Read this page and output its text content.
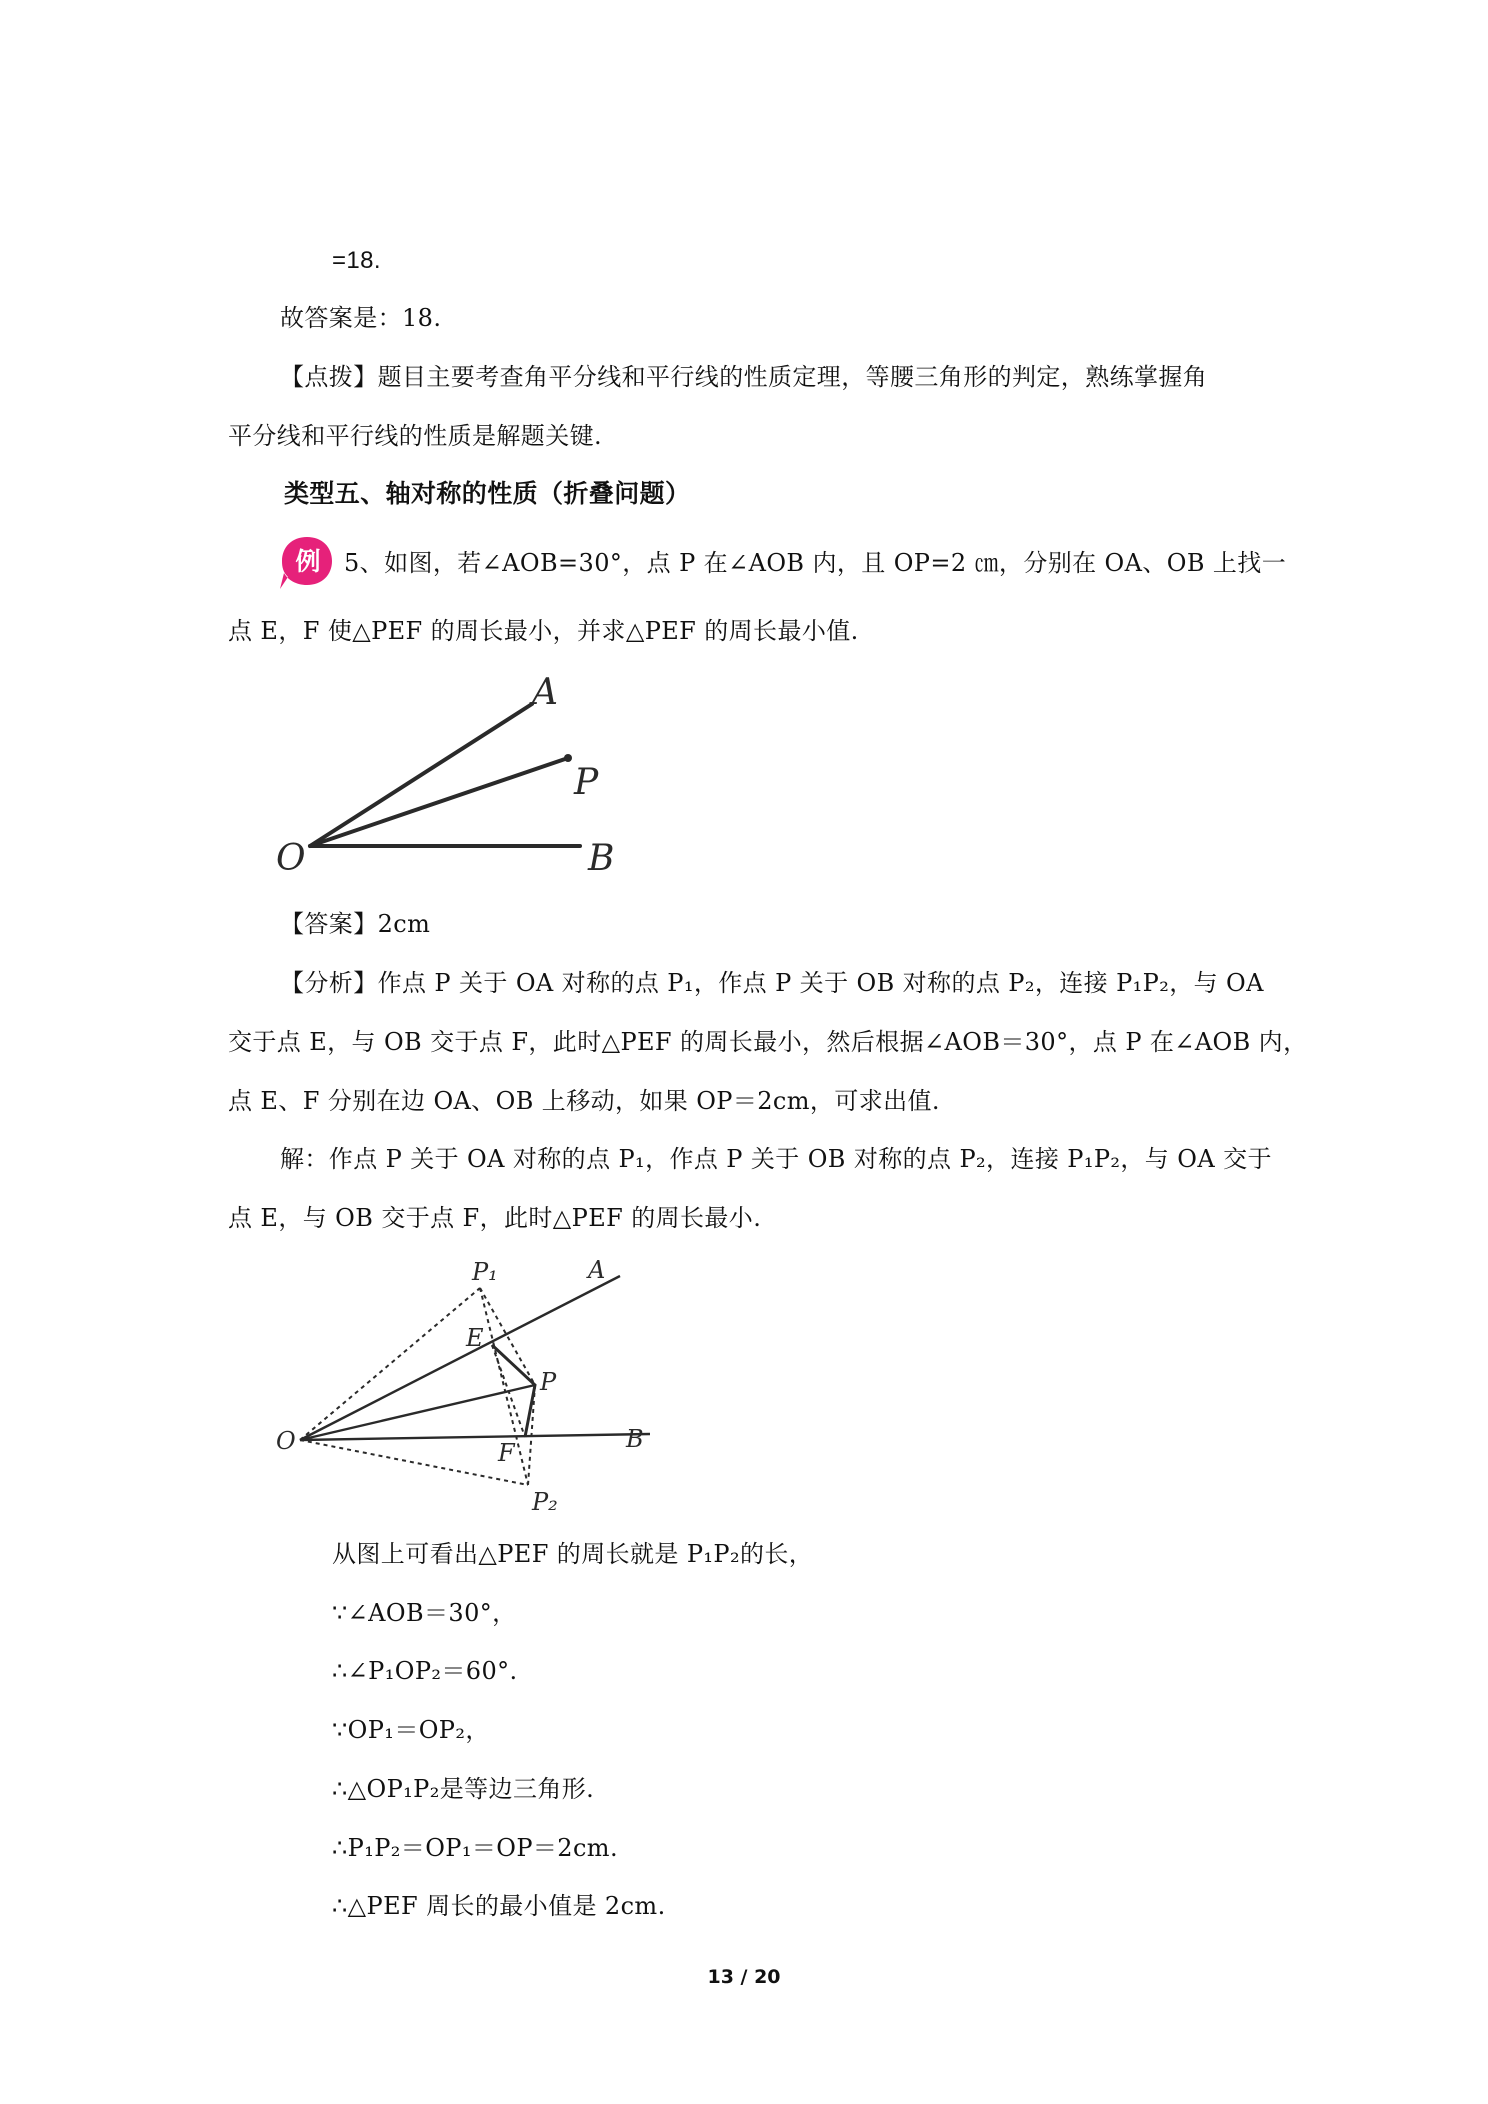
=18.
故答案是：18.
【点拨】题目主要考查角平分线和平行线的性质定理，等腰三角形的判定，熟练掌握角
平分线和平行线的性质是解题关键.
类型五、轴对称的性质（折叠问题）
例 5、如图，若∠AOB=30°，点 P 在∠AOB 内，且 OP=2 ㎝，分别在 OA、OB 上找一
点 E，F 使△PEF 的周长最小，并求△PEF 的周长最小值.
A
P
O	B
【答案】2cm
【分析】作点 P 关于 OA 对称的点 P₁，作点 P 关于 OB 对称的点 P₂，连接 P₁P₂，与 OA
交于点 E，与 OB 交于点 F，此时△PEF 的周长最小，然后根据∠AOB＝30°，点 P 在∠AOB 内，
点 E、F 分别在边 OA、OB 上移动，如果 OP＝2cm，可求出值.
解：作点 P 关于 OA 对称的点 P₁，作点 P 关于 OB 对称的点 P₂，连接 P₁P₂，与 OA 交于
点 E，与 OB 交于点 F，此时△PEF 的周长最小.
P₁	A
E
P
O	F	B
P₂
从图上可看出△PEF 的周长就是 P₁P₂的长，
∵∠AOB＝30°，
∴∠P₁OP₂＝60°.
∵OP₁＝OP₂，
∴△OP₁P₂是等边三角形.
∴P₁P₂＝OP₁＝OP＝2cm.
∴△PEF 周长的最小值是 2cm.
13 / 20
